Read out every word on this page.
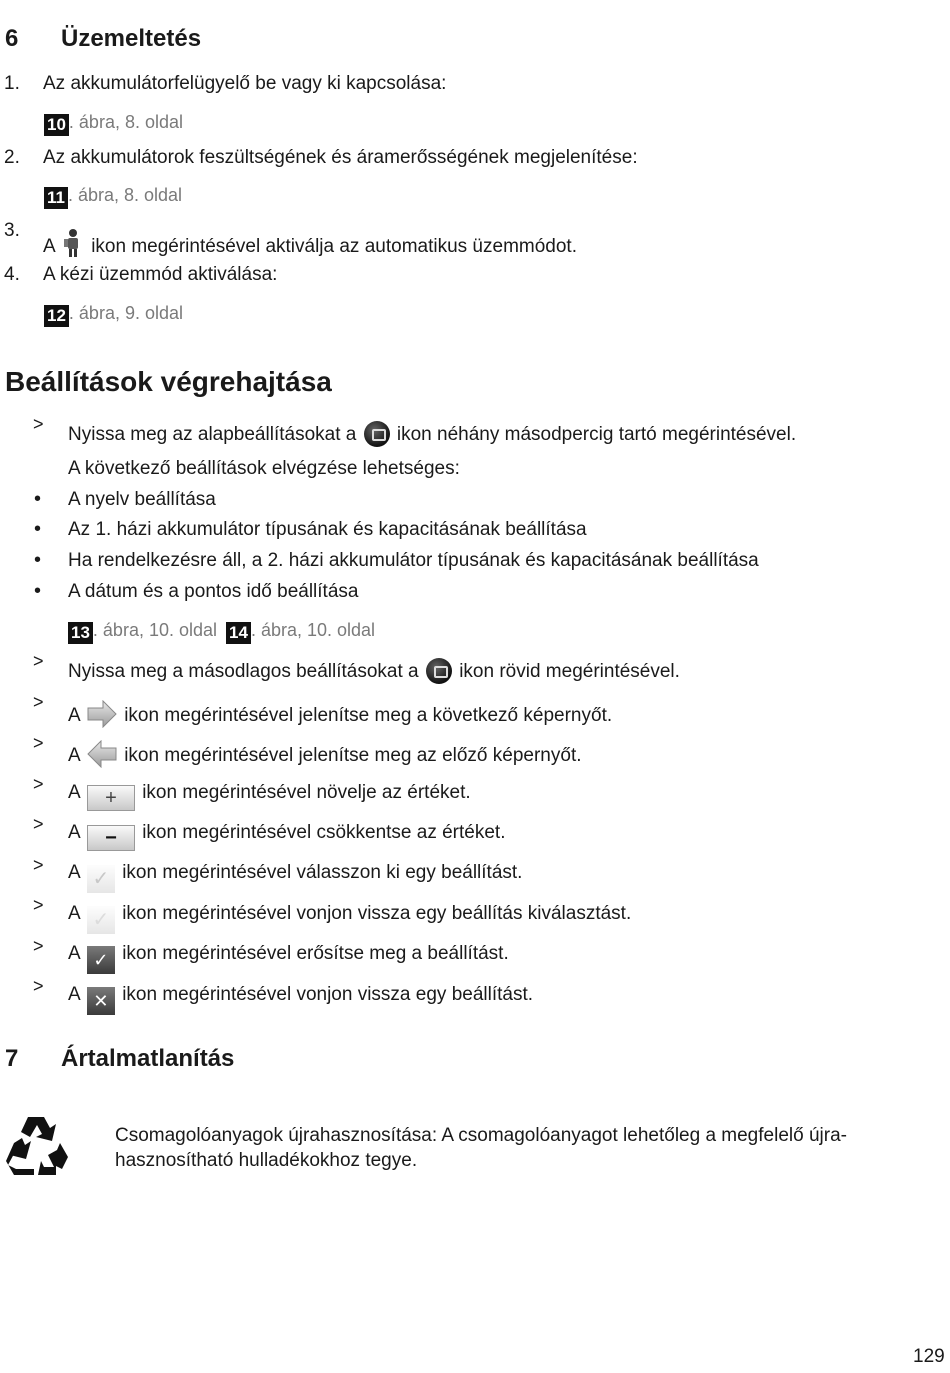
6 Üzemeltetés
1. Az akkumulátorfelügyelő be vagy ki kapcsolása:
10 . ábra, 8. oldal
2. Az akkumulátorok feszültségének és áramerősségének megjelenítése:
11 . ábra, 8. oldal
3.
A ikon megérintésével aktiválja az automatikus üzemmódot.
4. A kézi üzemmód aktiválása:
12 . ábra, 9. oldal
Beállítások végrehajtása
> Nyissa meg az alapbeállításokat a ikon néhány másodpercig tartó megérintésével.
A következő beállítások elvégzése lehetséges:
• A nyelv beállítása
• Az 1. házi akkumulátor típusának és kapacitásának beállítása
• Ha rendelkezésre áll, a 2. házi akkumulátor típusának és kapacitásának beállítása
• A dátum és a pontos idő beállítása
13 . ábra, 10. oldal 14 . ábra, 10. oldal
> Nyissa meg a másodlagos beállításokat a ikon rövid megérintésével.
>
A ikon megérintésével jelenítse meg a következő képernyőt.
>
A ikon megérintésével jelenítse meg az előző képernyőt.
> A + ikon megérintésével növelje az értéket.
> A − ikon megérintésével csökkentse az értéket.
> A ✓ ikon megérintésével válasszon ki egy beállítást.
> A ✓ ikon megérintésével vonjon vissza egy beállítás kiválasztást.
> A ✓ ikon megérintésével erősítse meg a beállítást.
> A ✕ ikon megérintésével vonjon vissza egy beállítást.
7 Ártalmatlanítás
Csomagolóanyagok újrahasznosítása: A csomagolóanyagot lehetőleg a megfelelő újra-
hasznosítható hulladékokhoz tegye.
129
